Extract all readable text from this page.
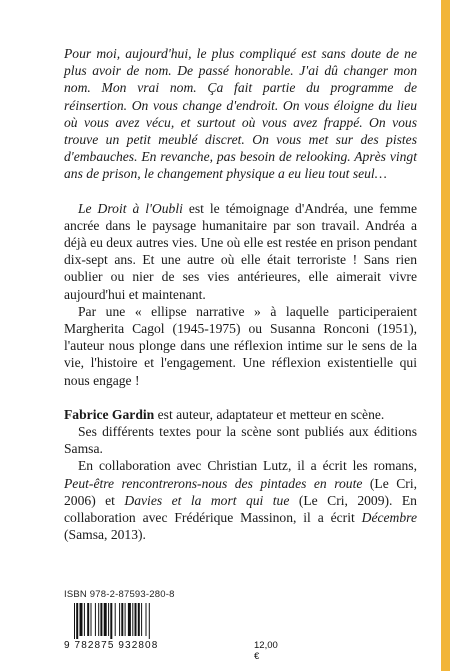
Pour moi, aujourd'hui, le plus compliqué est sans doute de ne plus avoir de nom. De passé honorable. J'ai dû changer mon nom. Mon vrai nom. Ça fait partie du programme de réinsertion. On vous change d'endroit. On vous éloigne du lieu où vous avez vécu, et surtout où vous avez frappé. On vous trouve un petit meublé discret. On vous met sur des pistes d'embauches. En revanche, pas besoin de relooking. Après vingt ans de prison, le changement physique a eu lieu tout seul…

Le Droit à l'Oubli est le témoignage d'Andréa, une femme ancrée dans le paysage humanitaire par son travail. Andréa a déjà eu deux autres vies. Une où elle est restée en prison pendant dix-sept ans. Et une autre où elle était terroriste ! Sans rien oublier ou nier de ses vies antérieures, elle aimerait vivre aujourd'hui et maintenant.

Par une « ellipse narrative » à laquelle participeraient Margherita Cagol (1945-1975) ou Susanna Ronconi (1951), l'auteur nous plonge dans une réflexion intime sur le sens de la vie, l'histoire et l'engagement. Une réflexion existentielle qui nous engage !

Fabrice Gardin est auteur, adaptateur et metteur en scène.

Ses différents textes pour la scène sont publiés aux éditions Samsa.

En collaboration avec Christian Lutz, il a écrit les romans, Peut-être rencontrerons-nous des pintades en route (Le Cri, 2006) et Davies et la mort qui tue (Le Cri, 2009). En collaboration avec Frédérique Massinon, il a écrit Décembre (Samsa, 2013).

ISBN 978-2-87593-280-8
9 782875 932808	12,00 €
